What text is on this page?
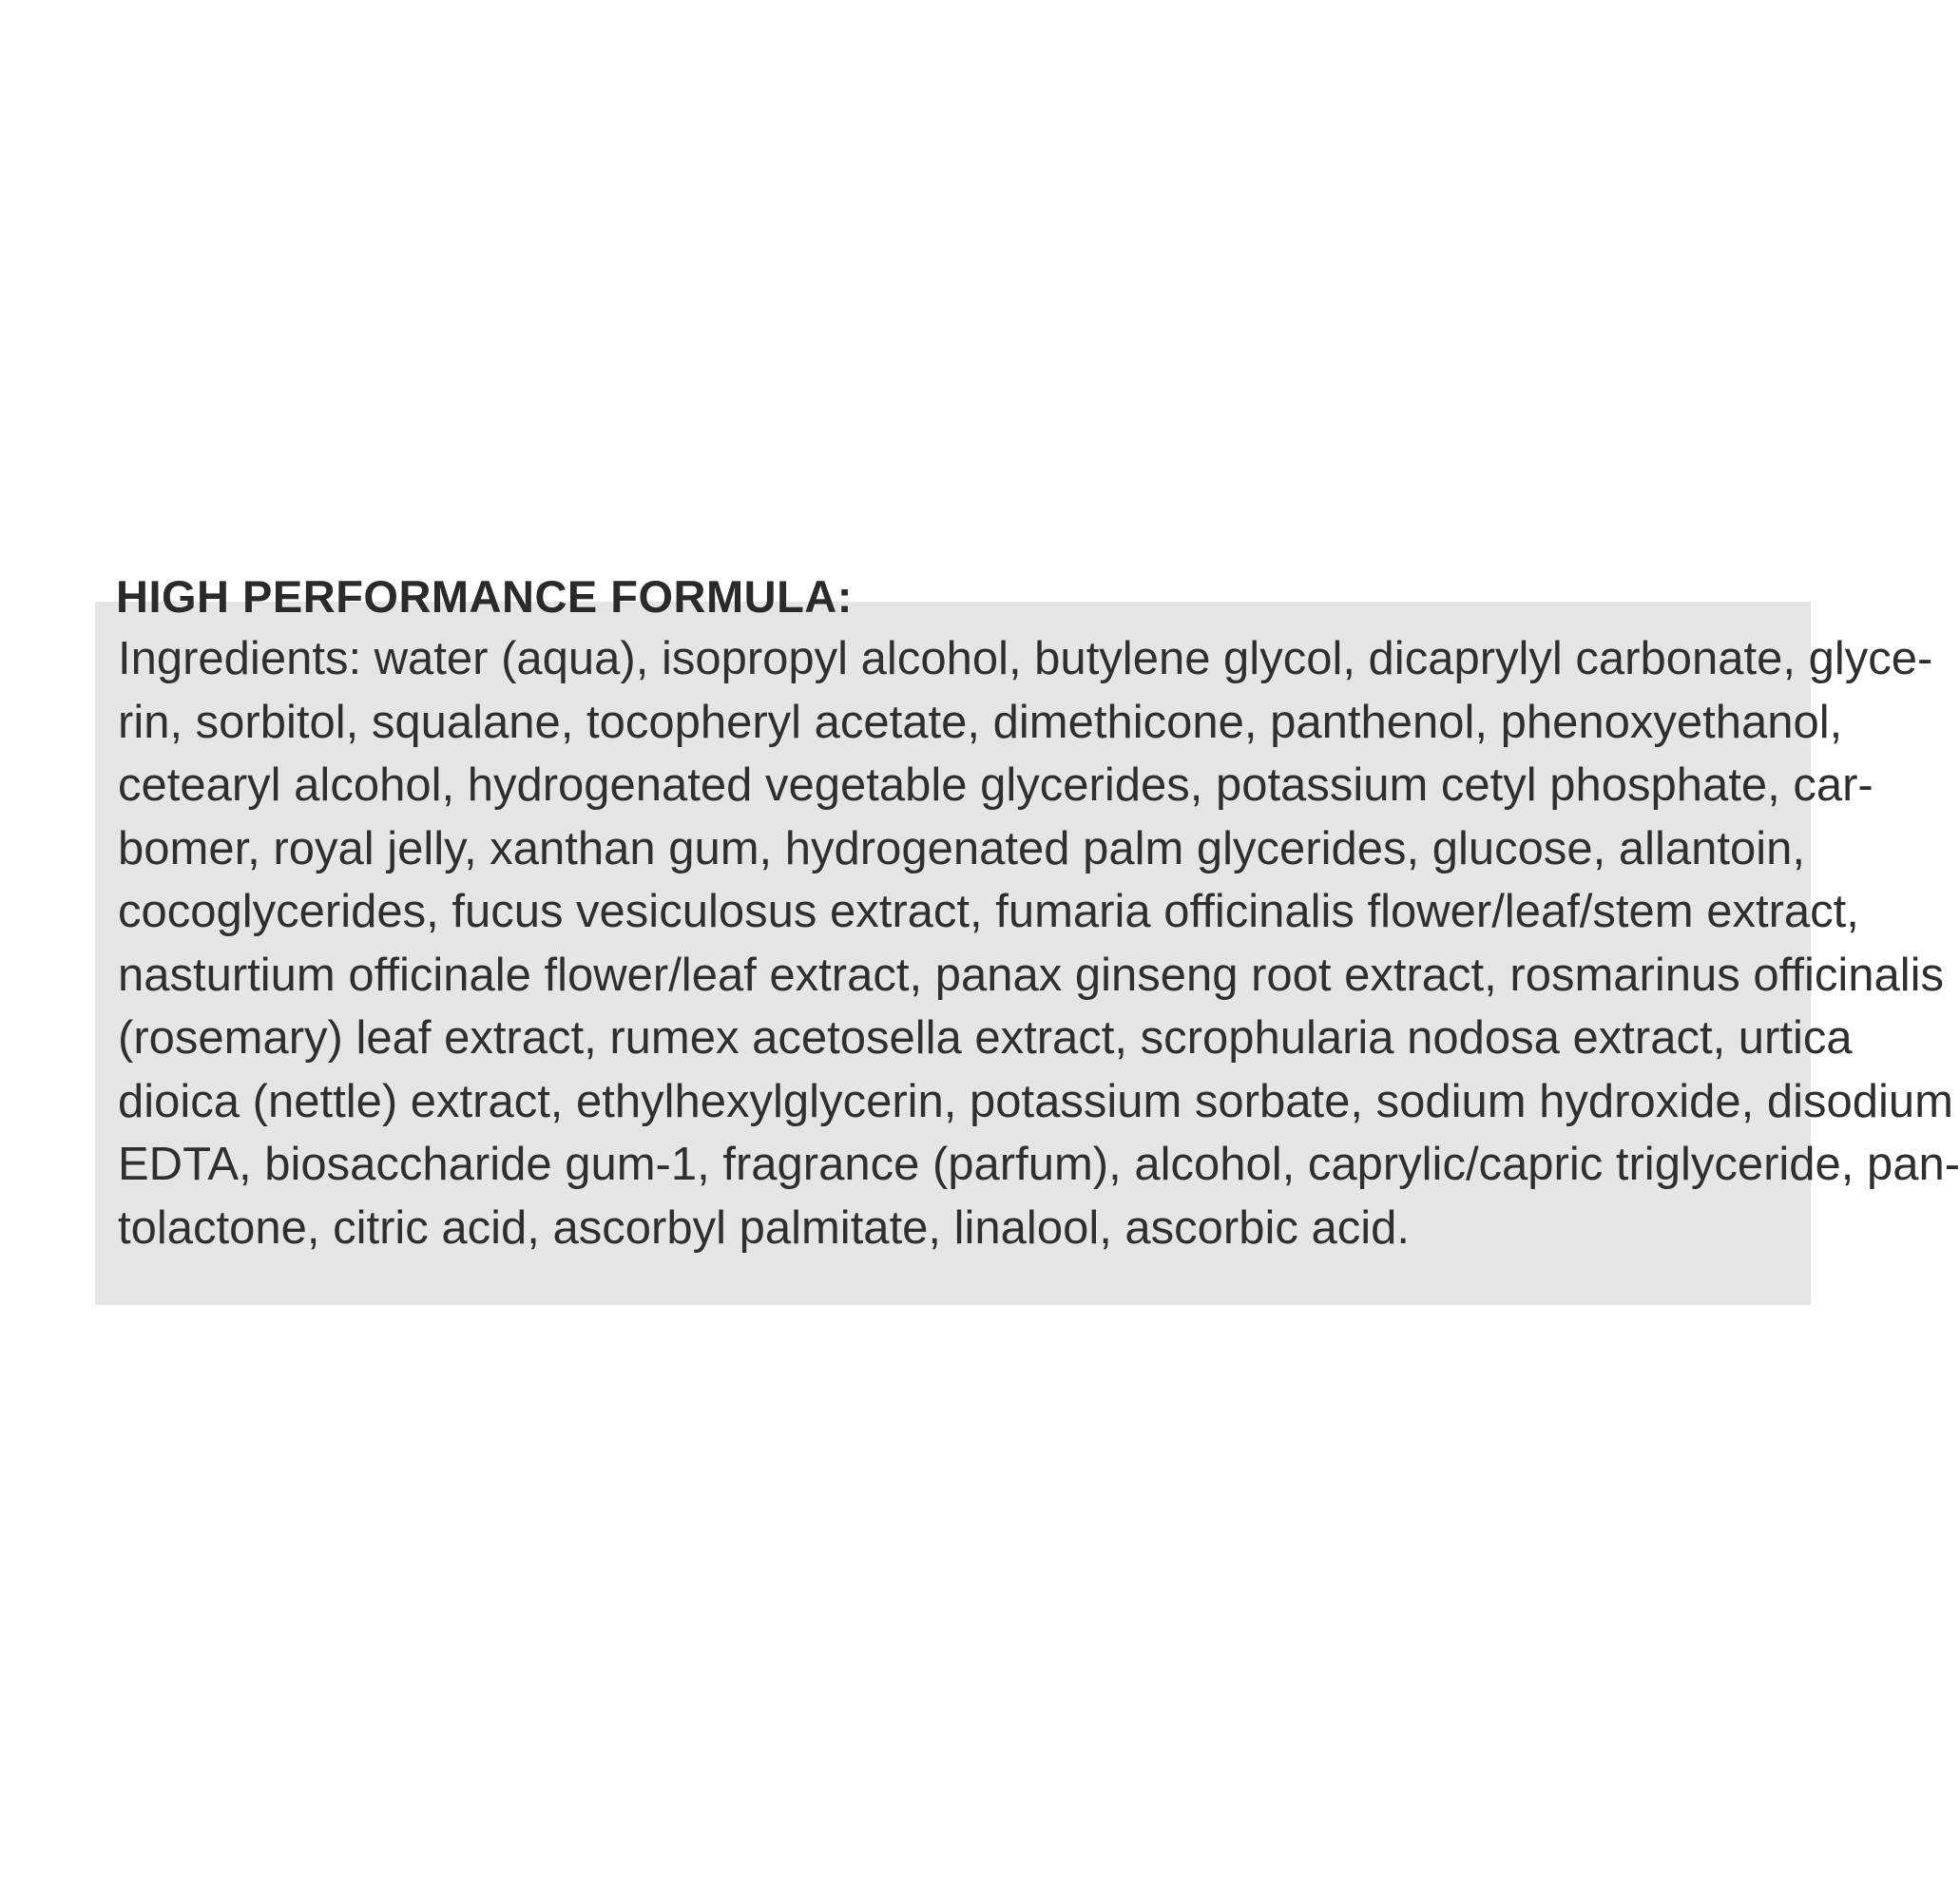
HIGH PERFORMANCE FORMULA:

Ingredients: water (aqua), isopropyl alcohol, butylene glycol, dicaprylyl carbonate, glyce-
rin, sorbitol, squalane, tocopheryl acetate, dimethicone, panthenol, phenoxyethanol,
cetearyl alcohol, hydrogenated vegetable glycerides, potassium cetyl phosphate, car-
bomer, royal jelly, xanthan gum, hydrogenated palm glycerides, glucose, allantoin,
cocoglycerides, fucus vesiculosus extract, fumaria officinalis flower/leaf/stem extract,
nasturtium officinale flower/leaf extract, panax ginseng root extract, rosmarinus officinalis
(rosemary) leaf extract, rumex acetosella extract, scrophularia nodosa extract, urtica
dioica (nettle) extract, ethylhexylglycerin, potassium sorbate, sodium hydroxide, disodium
EDTA, biosaccharide gum-1, fragrance (parfum), alcohol, caprylic/capric triglyceride, pan-
tolactone, citric acid, ascorbyl palmitate, linalool, ascorbic acid.
